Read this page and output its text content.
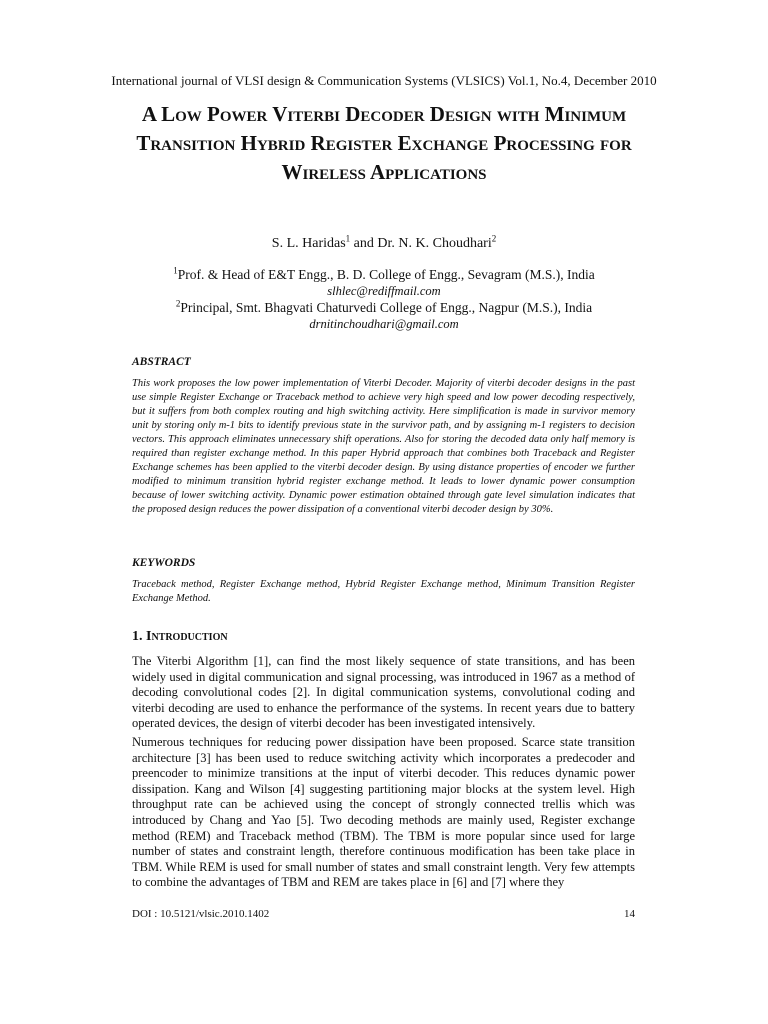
International journal of VLSI design & Communication Systems (VLSICS) Vol.1, No.4, December 2010
A Low Power Viterbi Decoder Design with Minimum Transition Hybrid Register Exchange Processing for Wireless Applications
S. L. Haridas$^1$ and Dr. N. K. Choudhari$^2$
$^1$Prof. & Head of E&T Engg., B. D. College of Engg., Sevagram (M.S.), India
slhlec@rediffmail.com
$^2$Principal, Smt. Bhagvati Chaturvedi College of Engg., Nagpur (M.S.), India
drnitinchoudhari@gmail.com
ABSTRACT
This work proposes the low power implementation of Viterbi Decoder. Majority of viterbi decoder designs in the past use simple Register Exchange or Traceback method to achieve very high speed and low power decoding respectively, but it suffers from both complex routing and high switching activity. Here simplification is made in survivor memory unit by storing only m-1 bits to identify previous state in the survivor path, and by assigning m-1 registers to decision vectors. This approach eliminates unnecessary shift operations. Also for storing the decoded data only half memory is required than register exchange method. In this paper Hybrid approach that combines both Traceback and Register Exchange schemes has been applied to the viterbi decoder design. By using distance properties of encoder we further modified to minimum transition hybrid register exchange method. It leads to lower dynamic power consumption because of lower switching activity. Dynamic power estimation obtained through gate level simulation indicates that the proposed design reduces the power dissipation of a conventional viterbi decoder design by 30%.
KEYWORDS
Traceback method, Register Exchange method, Hybrid Register Exchange method, Minimum Transition Register Exchange Method.
1. Introduction

The Viterbi Algorithm [1], can find the most likely sequence of state transitions, and has been widely used in digital communication and signal processing, was introduced in 1967 as a method of decoding convolutional codes [2]. In digital communication systems, convolutional coding and viterbi decoding are used to enhance the performance of the systems. In recent years due to battery operated devices, the design of viterbi decoder has been investigated intensively.

Numerous techniques for reducing power dissipation have been proposed. Scarce state transition architecture [3] has been used to reduce switching activity which incorporates a predecoder and preencoder to minimize transitions at the input of viterbi decoder. This reduces dynamic power dissipation. Kang and Wilson [4] suggesting partitioning major blocks at the system level. High throughput rate can be achieved using the concept of strongly connected trellis which was introduced by Chang and Yao [5]. Two decoding methods are mainly used, Register exchange method (REM) and Traceback method (TBM). The TBM is more popular since used for large number of states and constraint length, therefore continuous modification has been take place in TBM. While REM is used for small number of states and small constraint length. Very few attempts to combine the advantages of TBM and REM are takes place in [6] and [7] where they

DOI : 10.5121/vlsic.2010.1402	14
